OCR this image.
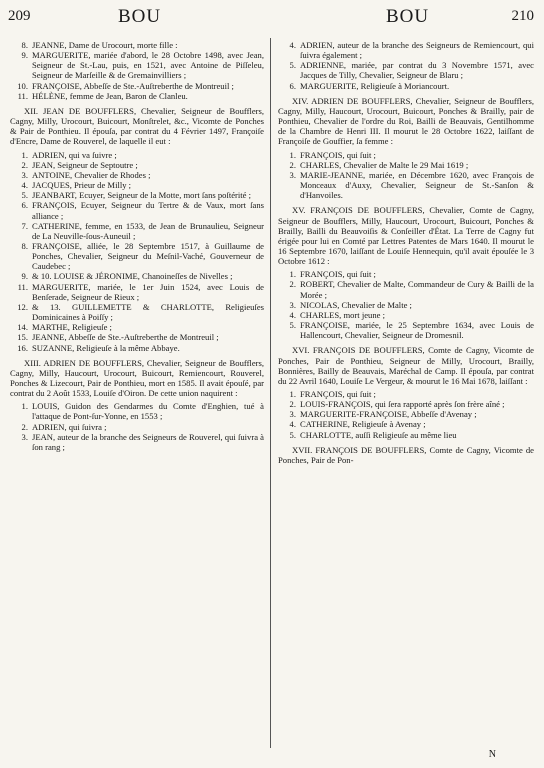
209	BOU	BOU	210
8. JEANNE, Dame de Urocourt, morte fille :
9. MARGUERITE, mariée d'abord, le 28 Octobre 1498, avec Jean, Seigneur de St.-Lau, puis, en 1521, avec Antoine de Piſſeleu, Seigneur de Marſeille & de Gremainvilliers ;
10. FRANÇOISE, Abbeſſe de Ste.-Auſtreberthe de Montreuil ;
11. HÉLÈNE, femme de Jean, Baron de Clanleu.

XII. JEAN DE BOUFFLERS, Chevalier, Seigneur de Boufflers, Cagny, Milly, Urocourt, Buicourt, Monſtrelet, &c., Vicomte de Ponches & Pair de Ponthieu. Il épouſa, par contrat du 4 Février 1497, Françoiſe d'Encre, Dame de Rouverel, de laquelle il eut :

1. ADRIEN, qui va ſuivre ;
2. JEAN, Seigneur de Septoutre ;
3. ANTOINE, Chevalier de Rhodes ;
4. JACQUES, Prieur de Milly ;
5. JEANBART, Ecuyer, Seigneur de la Motte, mort ſans poſtérité ;
6. FRANÇOIS, Ecuyer, Seigneur du Tertre & de Vaux, mort ſans alliance ;
7. CATHERINE, femme, en 1533, de Jean de Brunaulieu, Seigneur de La Neuville-ſous-Auneuil ;
8. FRANÇOISE, alliée, le 28 Septembre 1517, à Guillaume de Ponches, Chevalier, Seigneur du Meſnil-Vaché, Gouverneur de Caudebec ;
9. & 10. LOUISE & JÉRONIME, Chanoineſſes de Nivelles ;
11. MARGUERITE, mariée, le 1er Juin 1524, avec Louis de Benſerade, Seigneur de Rieux ;
12. & 13. GUILLEMETTE & CHARLOTTE, Religieuſes Dominicaines à Poiſſy ;
14. MARTHE, Religieuſe ;
15. JEANNE, Abbeſſe de Ste.-Auſtreberthe de Montreuil ;
16. SUZANNE, Religieuſe à la même Abbaye.

XIII. ADRIEN DE BOUFFLERS, Chevalier, Seigneur de Boufflers, Cagny, Milly, Haucourt, Urocourt, Buicourt, Remiencourt, Rouverel, Ponches & Lizecourt, Pair de Ponthieu, mort en 1585. Il avait épouſé, par contrat du 2 Août 1533, Louiſe d'Oiron. De cette union naquirent :

1. LOUIS, Guidon des Gendarmes du Comte d'Enghien, tué à l'attaque de Pont-ſur-Yonne, en 1553 ;
2. ADRIEN, qui ſuivra ;
3. JEAN, auteur de la branche des Seigneurs de Rouverel, qui ſuivra à ſon rang ;
4. ADRIEN, auteur de la branche des Seigneurs de Remiencourt, qui ſuivra également ;
5. ADRIENNE, mariée, par contrat du 3 Novembre 1571, avec Jacques de Tilly, Chevalier, Seigneur de Blaru ;
6. MARGUERITE, Religieuſe à Moriancourt.

XIV. ADRIEN DE BOUFFLERS, Chevalier, Seigneur de Boufflers, Cagny, Milly, Haucourt, Urocourt, Buicourt, Ponches & Brailly, pair de Ponthieu, Chevalier de l'ordre du Roi, Bailli de Beauvais, Gentilhomme de la Chambre de Henri III. Il mourut le 28 Octobre 1622, laiſſant de Françoiſe de Gouffier, ſa femme :

1. FRANÇOIS, qui ſuit ;
2. CHARLES, Chevalier de Malte le 29 Mai 1619 ;
3. MARIE-JEANNE, mariée, en Décembre 1620, avec François de Monceaux d'Auxy, Chevalier, Seigneur de St.-Sanſon & d'Hanvoiles.

XV. FRANÇOIS DE BOUFFLERS, Chevalier, Comte de Cagny, Seigneur de Boufflers, Milly, Haucourt, Urocourt, Buicourt, Ponches & Brailly, Bailli du Beauvoiſis & Conſeiller d'État. La Terre de Cagny fut érigée pour lui en Comté par Lettres Patentes de Mars 1640. Il mourut le 16 Septembre 1670, laiſſant de Louiſe Hennequin, qu'il avait épouſée le 3 Octobre 1612 :

1. FRANÇOIS, qui ſuit ;
2. ROBERT, Chevalier de Malte, Commandeur de Cury & Bailli de la Morée ;
3. NICOLAS, Chevalier de Malte ;
4. CHARLES, mort jeune ;
5. FRANÇOISE, mariée, le 25 Septembre 1634, avec Louis de Hallencourt, Chevalier, Seigneur de Dromesnil.

XVI. FRANÇOIS DE BOUFFLERS, Comte de Cagny, Vicomte de Ponches, Pair de Ponthieu, Seigneur de Milly, Urocourt, Brailly, Bonnières, Bailly de Beauvais, Maréchal de Camp. Il épouſa, par contrat du 22 Avril 1640, Louiſe Le Vergeur, & mourut le 16 Mai 1678, laiſſant :

1. FRANÇOIS, qui ſuit ;
2. LOUIS-FRANÇOIS, qui ſera rapporté après ſon frère aîné ;
3. MARGUERITE-FRANÇOISE, Abbeſſe d'Avenay ;
4. CATHERINE, Religieuſe à Avenay ;
5. CHARLOTTE, auſſi Religieuſe au même lieu

XVII. FRANÇOIS DE BOUFFLERS, Comte de Cagny, Vicomte de Ponches, Pair de Pon-

N
